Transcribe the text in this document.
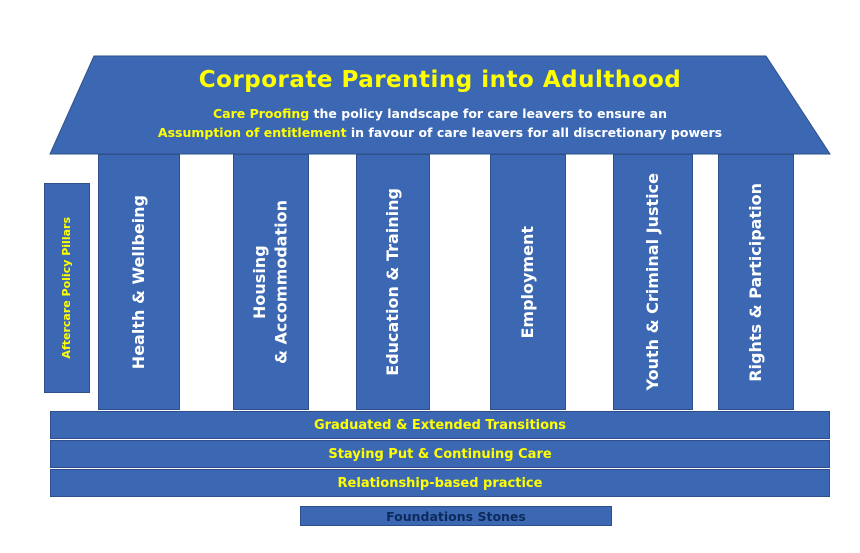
Corporate Parenting into Adulthood
Care Proofing the policy landscape for care leavers to ensure an
Assumption of entitlement in favour of care leavers for all discretionary powers
Aftercare Policy Pillars	Health & Wellbeing	Housing
& Accommodation	Education & Training	Employment	Youth & Criminal Justice	Rights & Participation
Graduated & Extended Transitions
Staying Put & Continuing Care
Relationship-based practice
Foundations Stones
